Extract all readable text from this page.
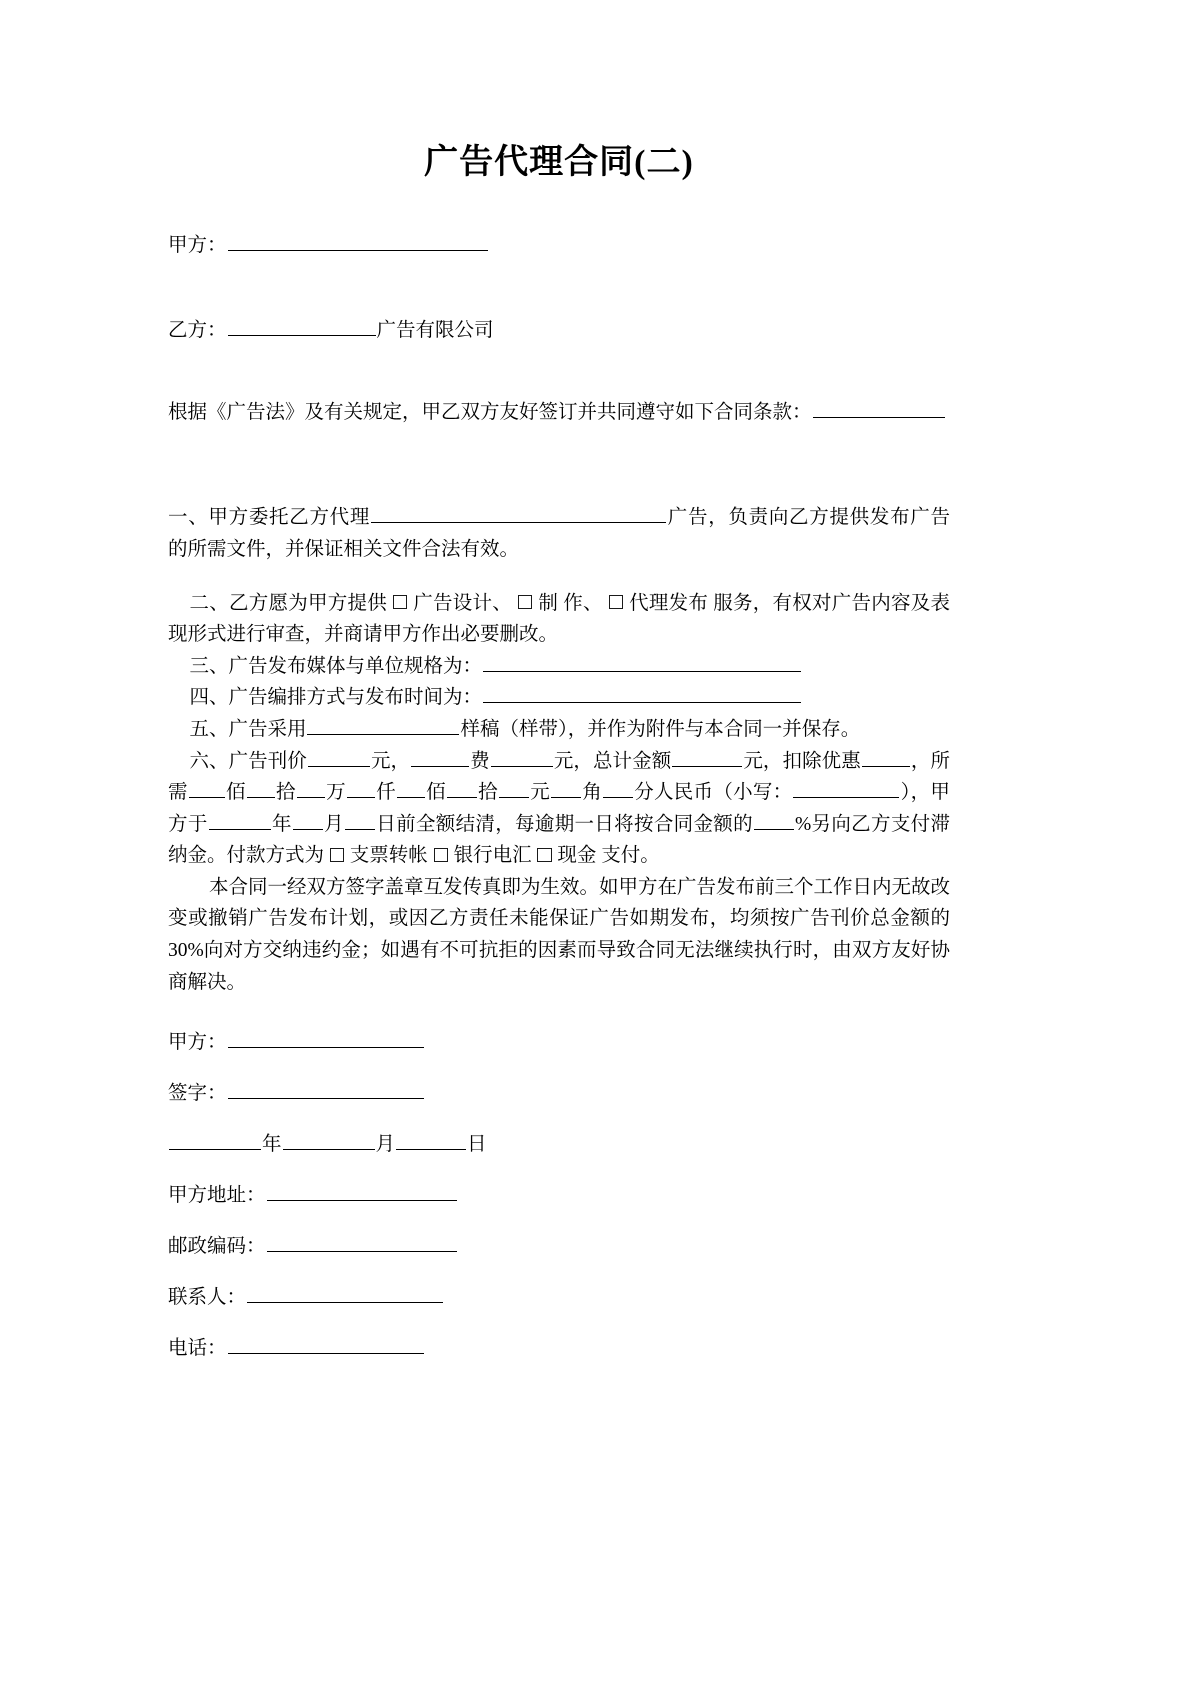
广告代理合同(二)

甲方：

乙方：	广告有限公司

根据《广告法》及有关规定，甲乙双方友好签订并共同遵守如下合同条款：

一、甲方委托乙方代理	广告，负责向乙方提供发布广告的所需文件，并保证相关文件合法有效。

二、乙方愿为甲方提供 广告设计、 制 作、 代理发布 服务，有权对广告内容及表现形式进行审查，并商请甲方作出必要删改。

三、广告发布媒体与单位规格为：

四、广告编排方式与发布时间为：

五、广告采用	样稿（样带），并作为附件与本合同一并保存。

六、广告刊价	元，	费	元，总计金额	元，扣除优惠	，所需 佰 拾 万 仟 佰 拾 元 角 分人民币（小写：	），甲方于	年 月 日前全额结清，每逾期一日将按合同金额的 %另向乙方支付滞纳金。付款方式为 支票转帐 银行电汇 现金 支付。

本合同一经双方签字盖章互发传真即为生效。如甲方在广告发布前三个工作日内无故改变或撤销广告发布计划，或因乙方责任未能保证广告如期发布，均须按广告刊价总金额的30%向对方交纳违约金；如遇有不可抗拒的因素而导致合同无法继续执行时，由双方友好协商解决。

甲方：

签字：

年	月	日

甲方地址：

邮政编码：

联系人：

电话：
